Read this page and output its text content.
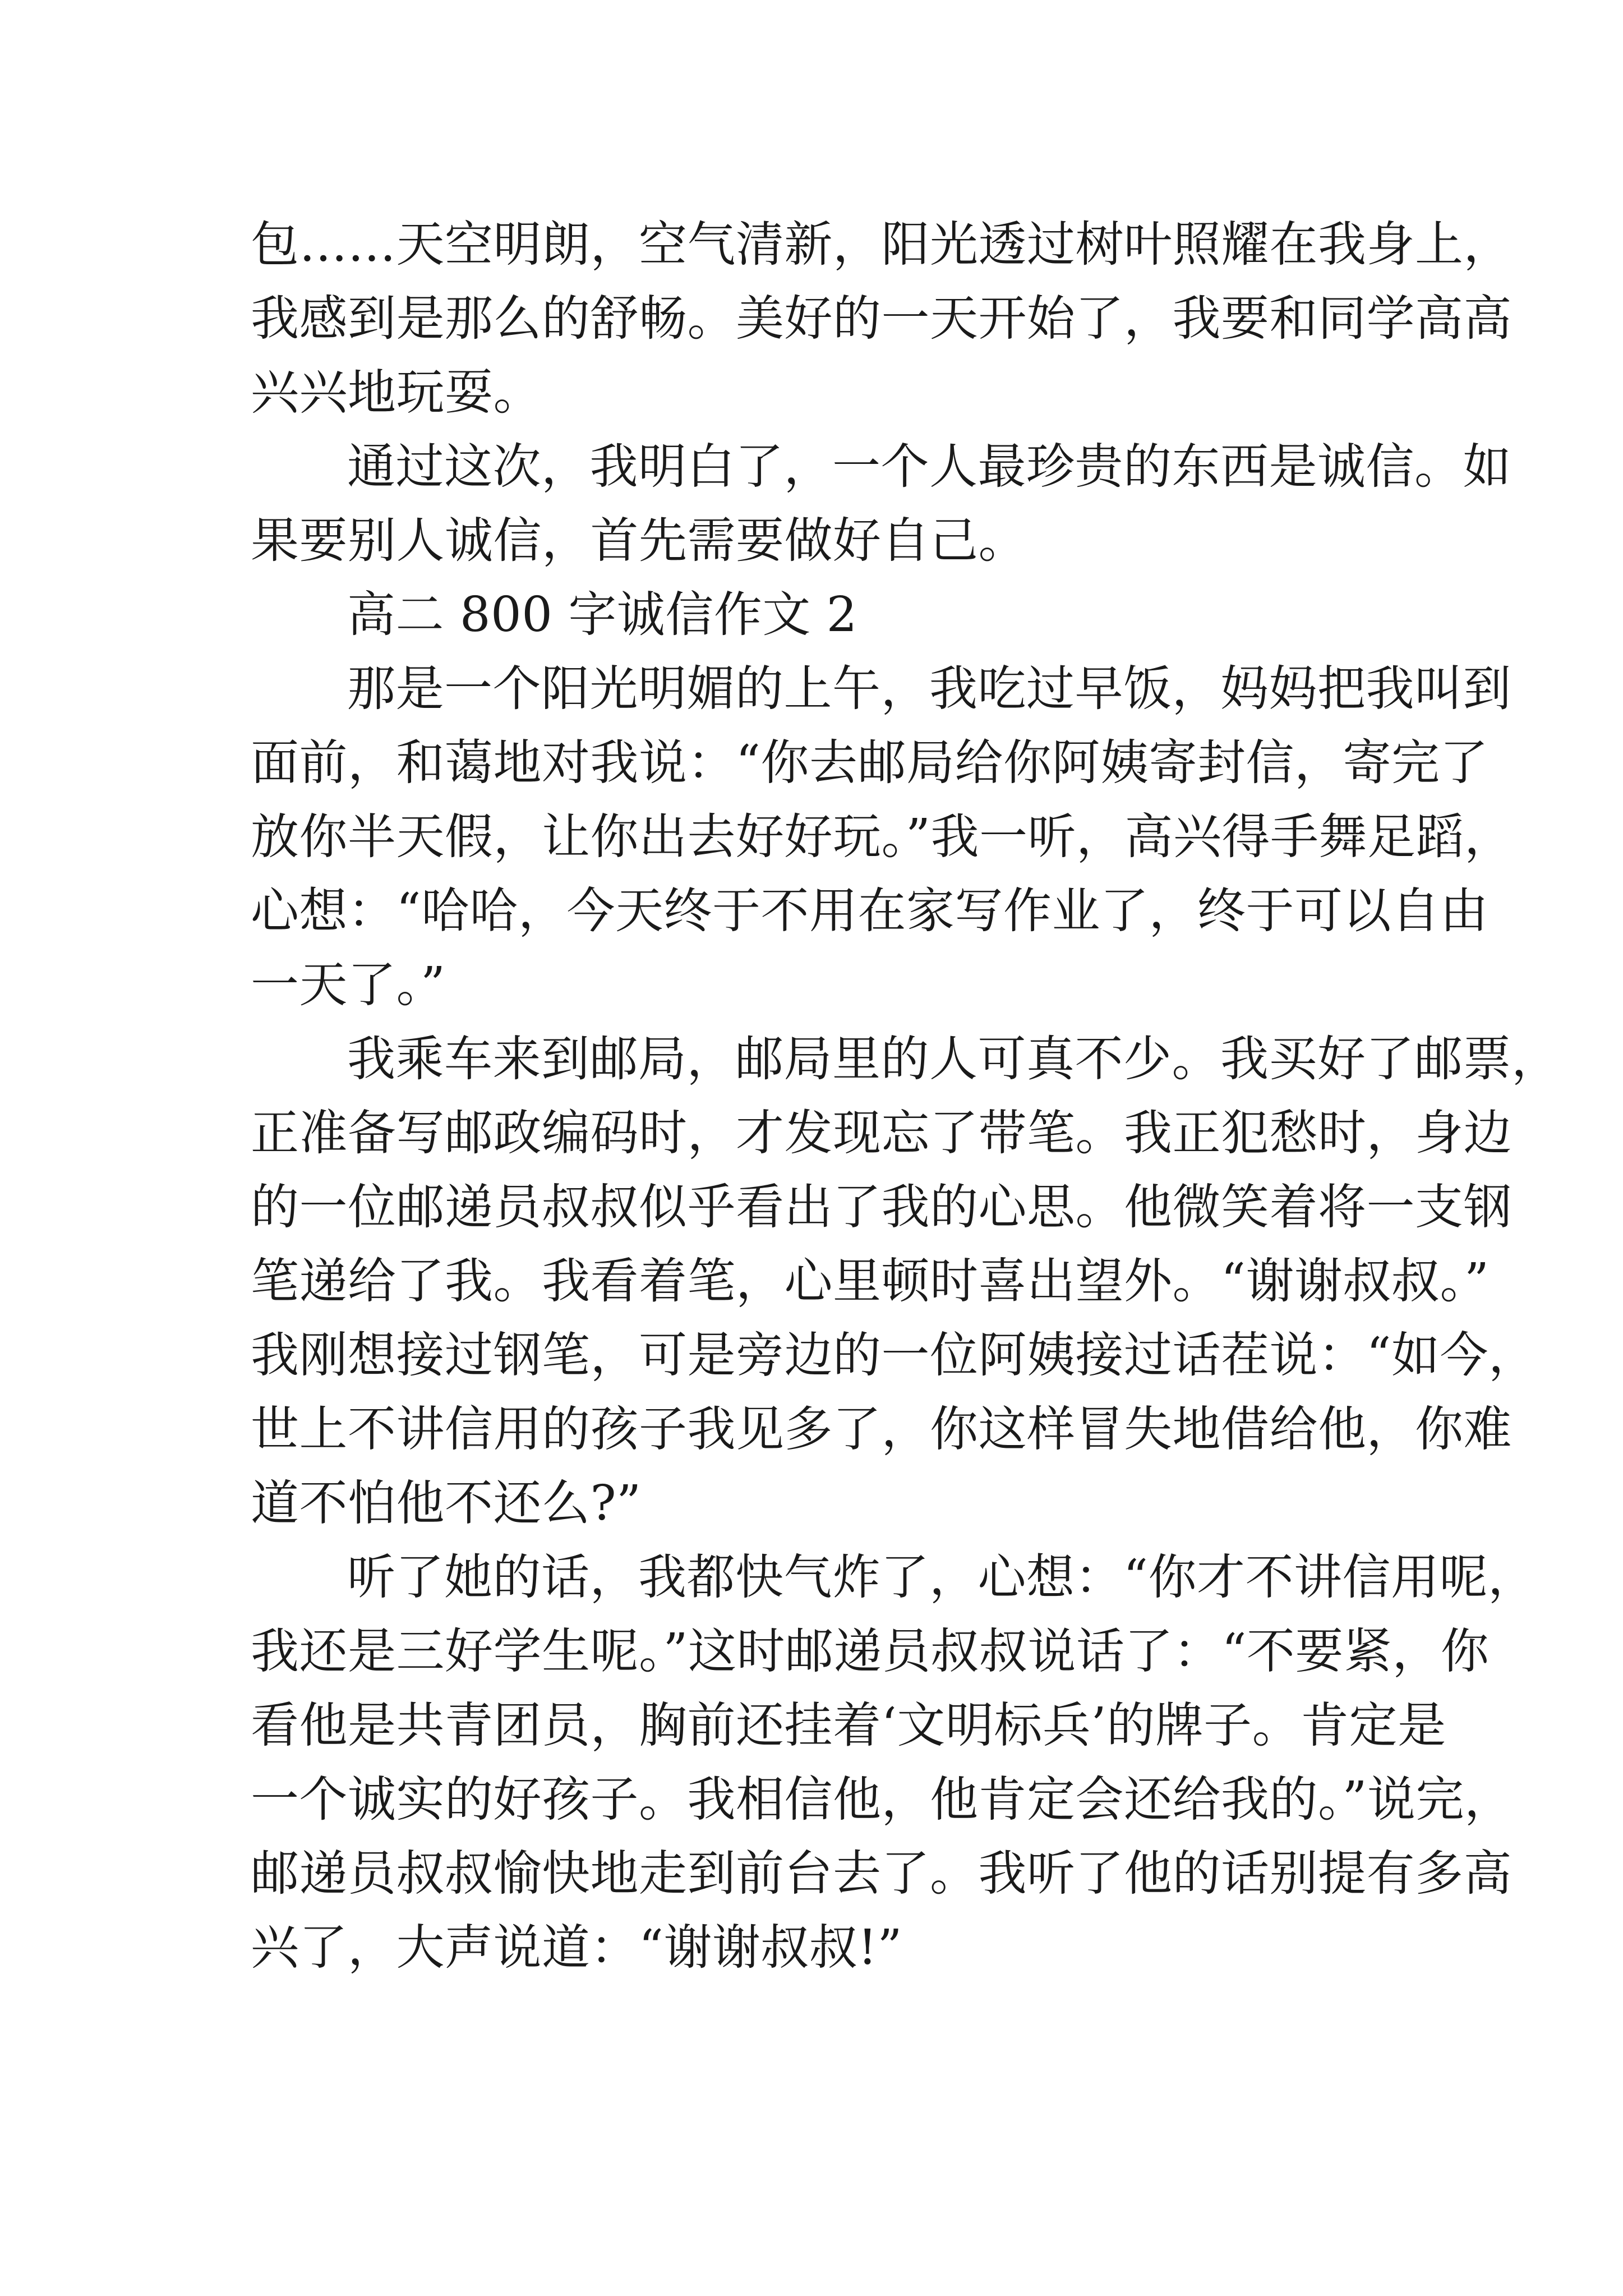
包……天空明朗，空气清新，阳光透过树叶照耀在我身上，

我感到是那么的舒畅。美好的一天开始了，我要和同学高高

兴兴地玩耍。

通过这次，我明白了，一个人最珍贵的东西是诚信。如

果要别人诚信，首先需要做好自己。

高二 800 字诚信作文 2

那是一个阳光明媚的上午，我吃过早饭，妈妈把我叫到

面前，和蔼地对我说：“你去邮局给你阿姨寄封信，寄完了

放你半天假，让你出去好好玩。”我一听，高兴得手舞足蹈，

心想：“哈哈，今天终于不用在家写作业了，终于可以自由

一天了。”

我乘车来到邮局，邮局里的人可真不少。我买好了邮票，

正准备写邮政编码时，才发现忘了带笔。我正犯愁时，身边

的一位邮递员叔叔似乎看出了我的心思。他微笑着将一支钢

笔递给了我。我看着笔，心里顿时喜出望外。“谢谢叔叔。”

我刚想接过钢笔，可是旁边的一位阿姨接过话茬说：“如今，

世上不讲信用的孩子我见多了，你这样冒失地借给他，你难

道不怕他不还么?”

听了她的话，我都快气炸了，心想：“你才不讲信用呢，

我还是三好学生呢。”这时邮递员叔叔说话了：“不要紧，你

看他是共青团员，胸前还挂着‘文明标兵’的牌子。肯定是

一个诚实的好孩子。我相信他，他肯定会还给我的。”说完，

邮递员叔叔愉快地走到前台去了。我听了他的话别提有多高

兴了，大声说道：“谢谢叔叔!”
